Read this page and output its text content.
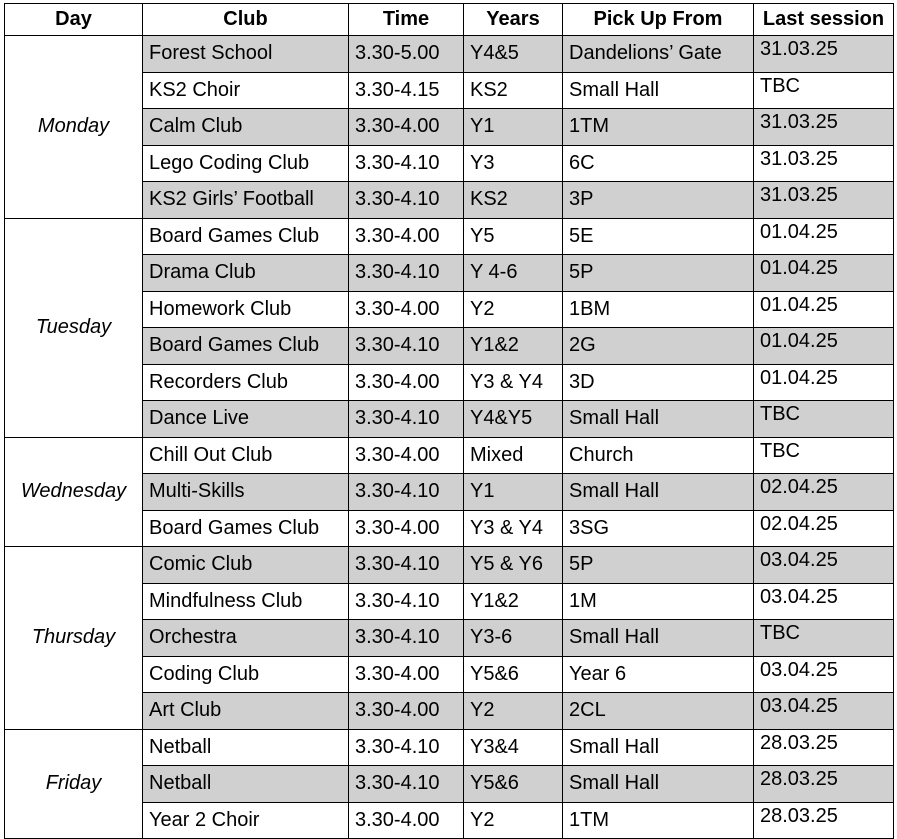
Day	Club	Time	Years	Pick Up From	Last session
Monday	Forest School	3.30-5.00	Y4&5	Dandelions’ Gate	31.03.25
	KS2 Choir	3.30-4.15	KS2	Small Hall	TBC
	Calm Club	3.30-4.00	Y1	1TM	31.03.25
	Lego Coding Club	3.30-4.10	Y3	6C	31.03.25
	KS2 Girls’ Football	3.30-4.10	KS2	3P	31.03.25
Tuesday	Board Games Club	3.30-4.00	Y5	5E	01.04.25
	Drama Club	3.30-4.10	Y 4-6	5P	01.04.25
	Homework Club	3.30-4.00	Y2	1BM	01.04.25
	Board Games Club	3.30-4.10	Y1&2	2G	01.04.25
	Recorders Club	3.30-4.00	Y3 & Y4	3D	01.04.25
	Dance Live	3.30-4.10	Y4&Y5	Small Hall	TBC
Wednesday	Chill Out Club	3.30-4.00	Mixed	Church	TBC
	Multi-Skills	3.30-4.10	Y1	Small Hall	02.04.25
	Board Games Club	3.30-4.00	Y3 & Y4	3SG	02.04.25
Thursday	Comic Club	3.30-4.10	Y5 & Y6	5P	03.04.25
	Mindfulness Club	3.30-4.10	Y1&2	1M	03.04.25
	Orchestra	3.30-4.10	Y3-6	Small Hall	TBC
	Coding Club	3.30-4.00	Y5&6	Year 6	03.04.25
	Art Club	3.30-4.00	Y2	2CL	03.04.25
Friday	Netball	3.30-4.10	Y3&4	Small Hall	28.03.25
	Netball	3.30-4.10	Y5&6	Small Hall	28.03.25
	Year 2 Choir	3.30-4.00	Y2	1TM	28.03.25
